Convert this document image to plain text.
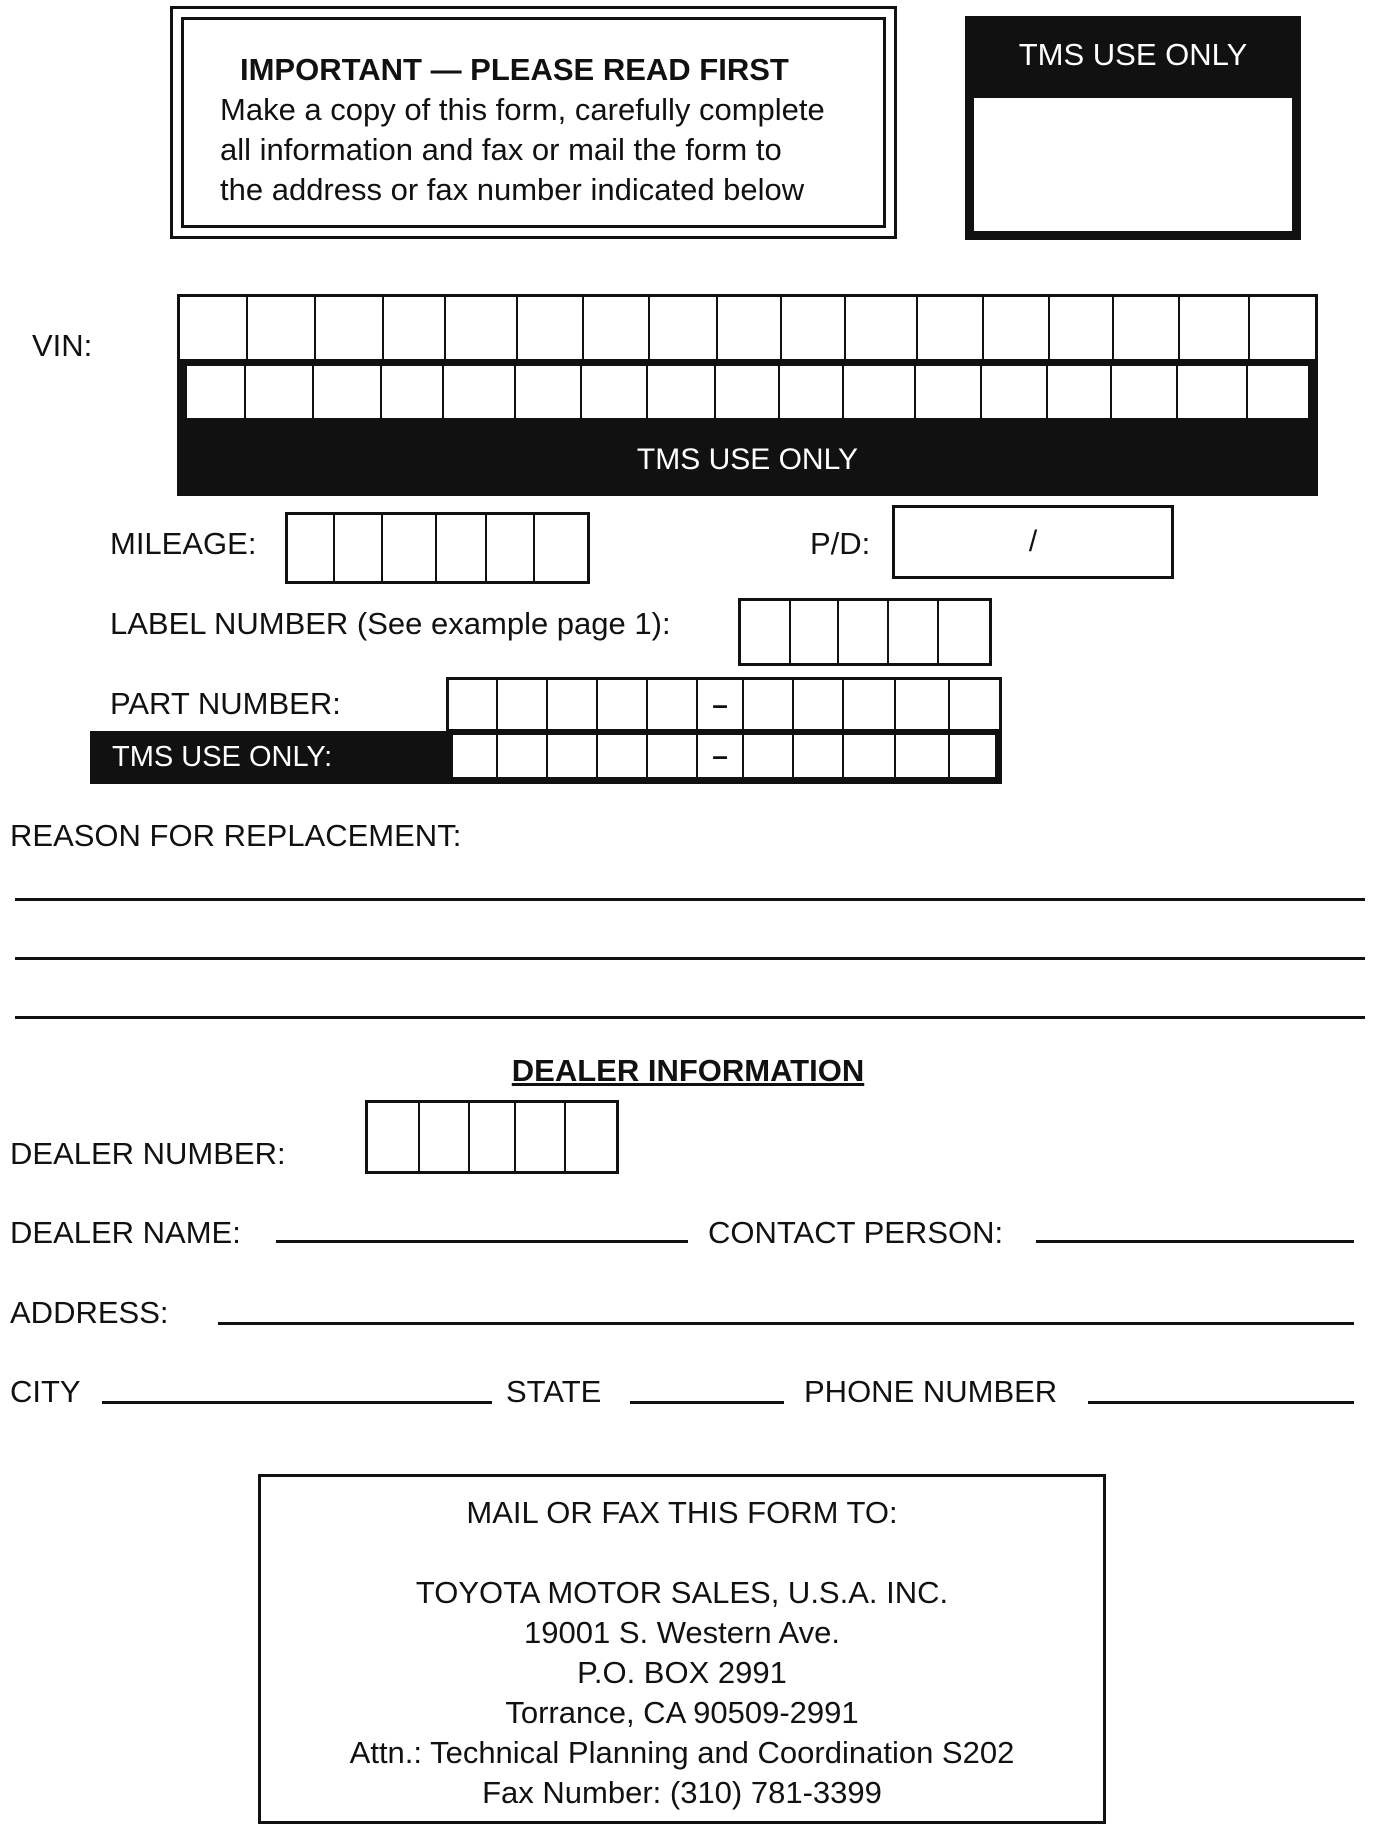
IMPORTANT — PLEASE READ FIRST
Make a copy of this form, carefully complete
all information and fax or mail the form to
the address or fax number indicated below
TMS USE ONLY
VIN:
TMS USE ONLY
MILEAGE:	P/D:	/
LABEL NUMBER (See example page 1):
PART NUMBER:
TMS USE ONLY:
–
–
REASON FOR REPLACEMENT:
DEALER INFORMATION
DEALER NUMBER:
DEALER NAME:	CONTACT PERSON:
ADDRESS:
CITY	STATE	PHONE NUMBER
MAIL OR FAX THIS FORM TO:
TOYOTA MOTOR SALES, U.S.A. INC.
19001 S. Western Ave.
P.O. BOX 2991
Torrance, CA 90509-2991
Attn.: Technical Planning and Coordination S202
Fax Number: (310) 781-3399
